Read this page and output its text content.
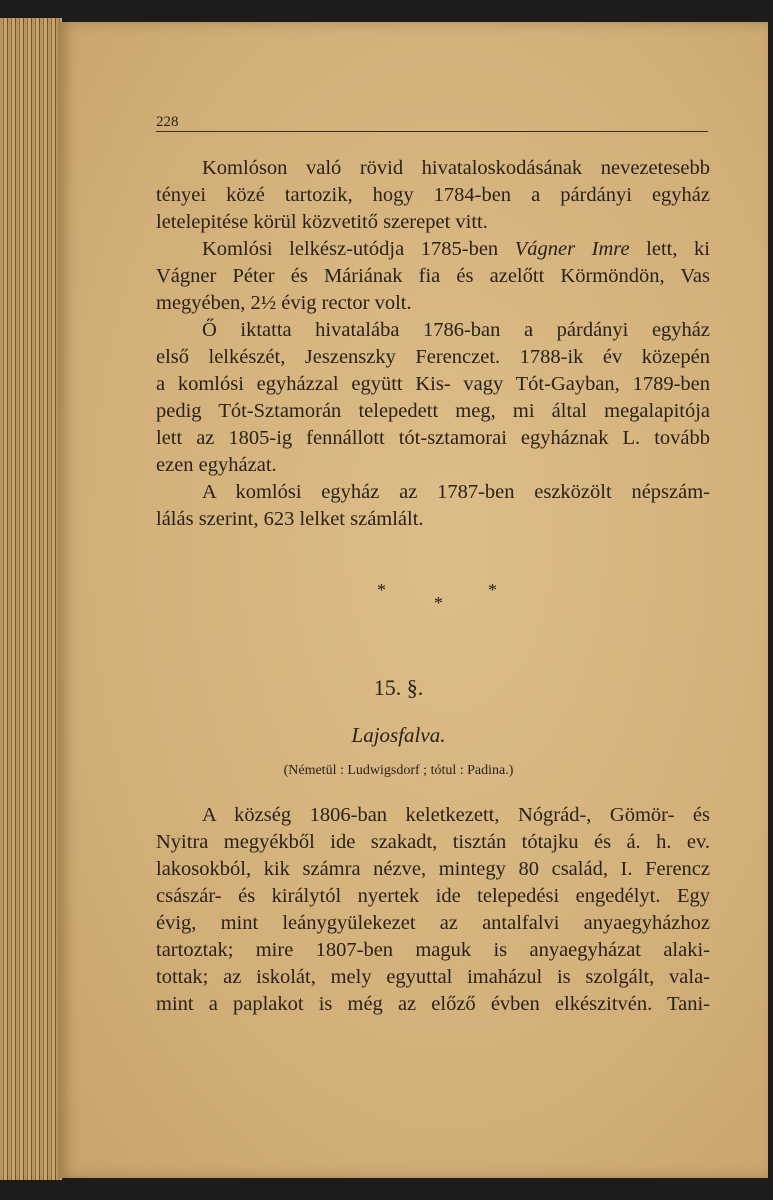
228
Komlóson való rövid hivataloskodásának nevezetesebb
tényei közé tartozik, hogy 1784-ben a párdányi egyház
letelepitése körül közvetitő szerepet vitt.
Komlósi lelkész-utódja 1785-ben Vágner Imre lett, ki
Vágner Péter és Máriának fia és azelőtt Körmöndön, Vas
megyében, 2½ évig rector volt.
Ő iktatta hivatalába 1786-ban a párdányi egyház
első lelkészét, Jeszenszky Ferenczet. 1788-ik év közepén
a komlósi egyházzal együtt Kis- vagy Tót-Gayban, 1789-ben
pedig Tót-Sztamorán telepedett meg, mi által megalapitója
lett az 1805-ig fennállott tót-sztamorai egyháznak L. tovább
ezen egyházat.
A komlósi egyház az 1787-ben eszközölt népszám-
lálás szerint, 623 lelket számlált.
*	*
*
15. §.
Lajosfalva.
(Németül : Ludwigsdorf ; tótul : Padina.)
A község 1806-ban keletkezett, Nógrád-, Gömör- és
Nyitra megyékből ide szakadt, tisztán tótajku és á. h. ev.
lakosokból, kik számra nézve, mintegy 80 család, I. Ferencz
császár- és királytól nyertek ide telepedési engedélyt. Egy
évig, mint leánygyülekezet az antalfalvi anyaegyházhoz
tartoztak; mire 1807-ben maguk is anyaegyházat alaki-
tottak; az iskolát, mely egyuttal imaházul is szolgált, vala-
mint a paplakot is még az előző évben elkészitvén. Tani-
